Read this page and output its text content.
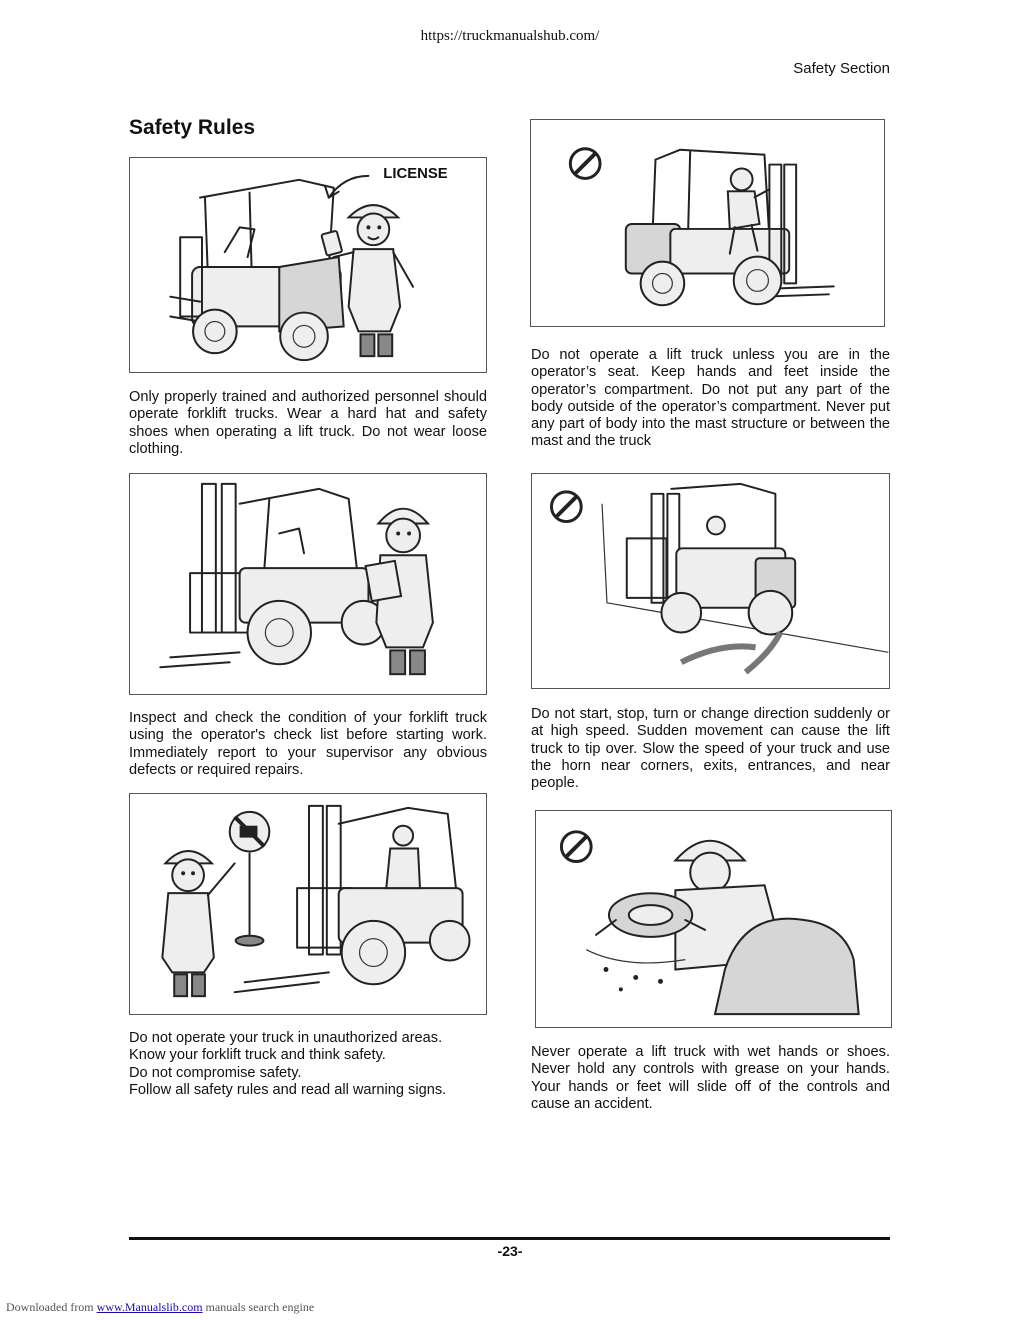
https://truckmanualshub.com/
Safety Section
Safety Rules
LICENSE
Only properly trained and authorized personnel should operate forklift trucks. Wear a hard hat and safety shoes when operating a lift truck. Do not wear loose clothing.
Inspect and check the condition of your forklift truck using the operator's check list before starting work. Immediately report to your supervisor any obvious defects or required repairs.
Do not operate your truck in unauthorized areas.
Know your forklift truck and think safety.
Do not compromise safety.
Follow all safety rules and read all warning signs.
Do not operate a lift truck unless you are in the operator’s seat. Keep hands and feet inside the operator’s compartment. Do not put any part of the body outside of the operator’s compartment. Never put any part of body into the mast structure or between the mast and the truck
Do not start, stop, turn or change direction suddenly or at high speed. Sudden movement can cause the lift truck to tip over. Slow the speed of your truck and use the horn near corners, exits, entrances, and near people.
Never operate a lift truck with wet hands or shoes. Never hold any controls with grease on your hands. Your hands or feet will slide off of the controls and cause an accident.
-23-
Downloaded from www.Manualslib.com manuals search engine
